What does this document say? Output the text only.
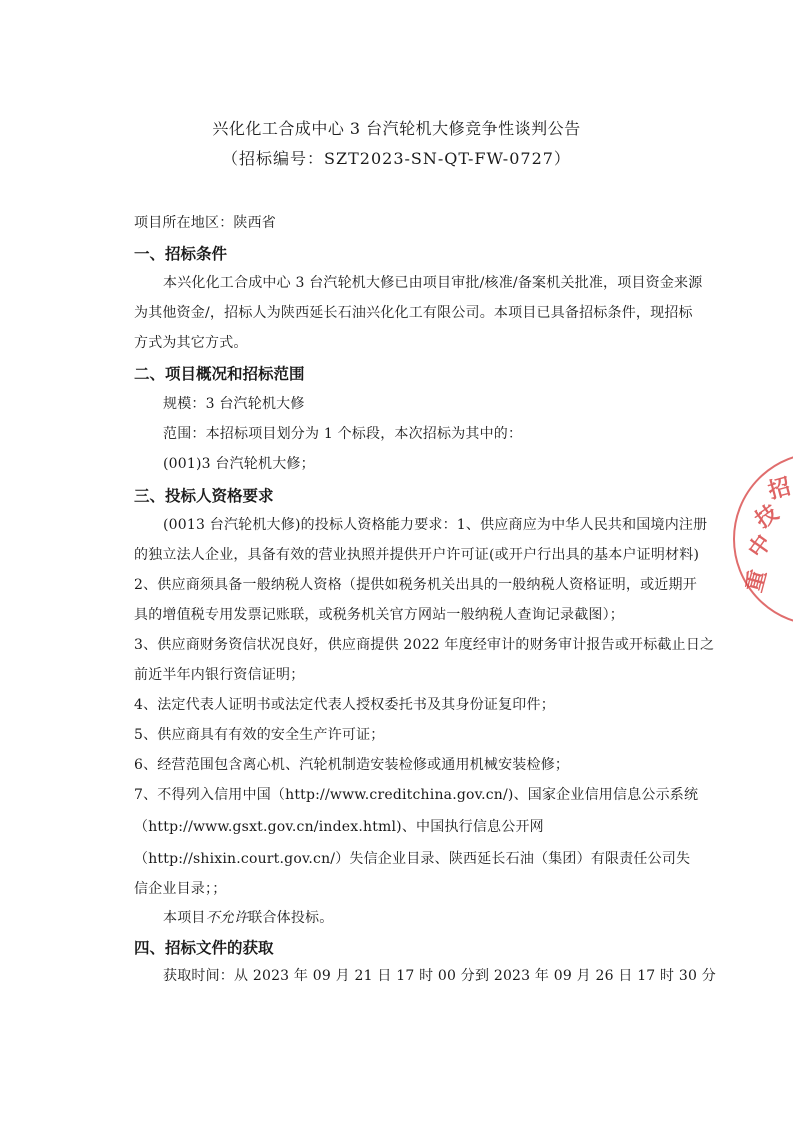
兴化化工合成中心 3 台汽轮机大修竞争性谈判公告
（招标编号：SZT2023-SN-QT-FW-0727）
项目所在地区：陕西省
一、招标条件
本兴化化工合成中心 3 台汽轮机大修已由项目审批/核准/备案机关批准，项目资金来源
为其他资金/，招标人为陕西延长石油兴化化工有限公司。本项目已具备招标条件，现招标
方式为其它方式。
二、项目概况和招标范围
规模：3 台汽轮机大修
范围：本招标项目划分为 1 个标段，本次招标为其中的：
(001)3 台汽轮机大修；
三、投标人资格要求
(0013 台汽轮机大修)的投标人资格能力要求：1、供应商应为中华人民共和国境内注册
的独立法人企业，具备有效的营业执照并提供开户许可证(或开户行出具的基本户证明材料)
2、供应商须具备一般纳税人资格（提供如税务机关出具的一般纳税人资格证明，或近期开
具的增值税专用发票记账联，或税务机关官方网站一般纳税人查询记录截图）；
3、供应商财务资信状况良好，供应商提供 2022 年度经审计的财务审计报告或开标截止日之
前近半年内银行资信证明；
4、法定代表人证明书或法定代表人授权委托书及其身份证复印件；
5、供应商具有有效的安全生产许可证；
6、经营范围包含离心机、汽轮机制造安装检修或通用机械安装检修；
7、不得列入信用中国（http://www.creditchina.gov.cn/)、国家企业信用信息公示系统
（http://www.gsxt.gov.cn/index.html)、中国执行信息公开网
（http://shixin.court.gov.cn/）失信企业目录、陕西延长石油（集团）有限责任公司失
信企业目录；；
本项目不允许联合体投标。
四、招标文件的获取
获取时间：从 2023 年 09 月 21 日 17 时 00 分到 2023 年 09 月 26 日 17 时 30 分
中
技
招
重
